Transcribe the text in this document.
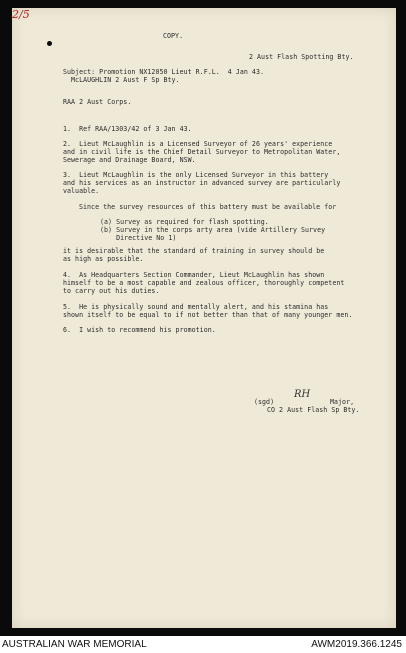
COPY.
2/5
2 Aust Flash Spotting Bty.
Subject: Promotion NX12050 Lieut R.F.L.  4 Jan 43.
McLAUGHLIN 2 Aust F Sp Bty.
RAA 2 Aust Corps.
1.  Ref RAA/1303/42 of 3 Jan 43.
2.  Lieut McLaughlin is a Licensed Surveyor of 26 years' experience
and in civil life is the Chief Detail Surveyor to Metropolitan Water,
Sewerage and Drainage Board, NSW.
3.  Lieut McLaughlin is the only Licensed Surveyor in this battery
and his services as an instructor in advanced survey are particularly
valuable.
Since the survey resources of this battery must be available for
(a) Survey as required for flash spotting.
(b) Survey in the corps arty area (vide Artillery Survey
Directive No 1)
it is desirable that the standard of training in survey should be
as high as possible.
4.  As Headquarters Section Commander, Lieut McLaughlin has shown
himself to be a most capable and zealous officer, thoroughly competent
to carry out his duties.
5.  He is physically sound and mentally alert, and his stamina has
shown itself to be equal to if not better than that of many younger men.
6.  I wish to recommend his promotion.
(sgd)
RH
Major,
CO 2 Aust Flash Sp Bty.
AUSTRALIAN WAR MEMORIAL	AWM2019.366.1245
